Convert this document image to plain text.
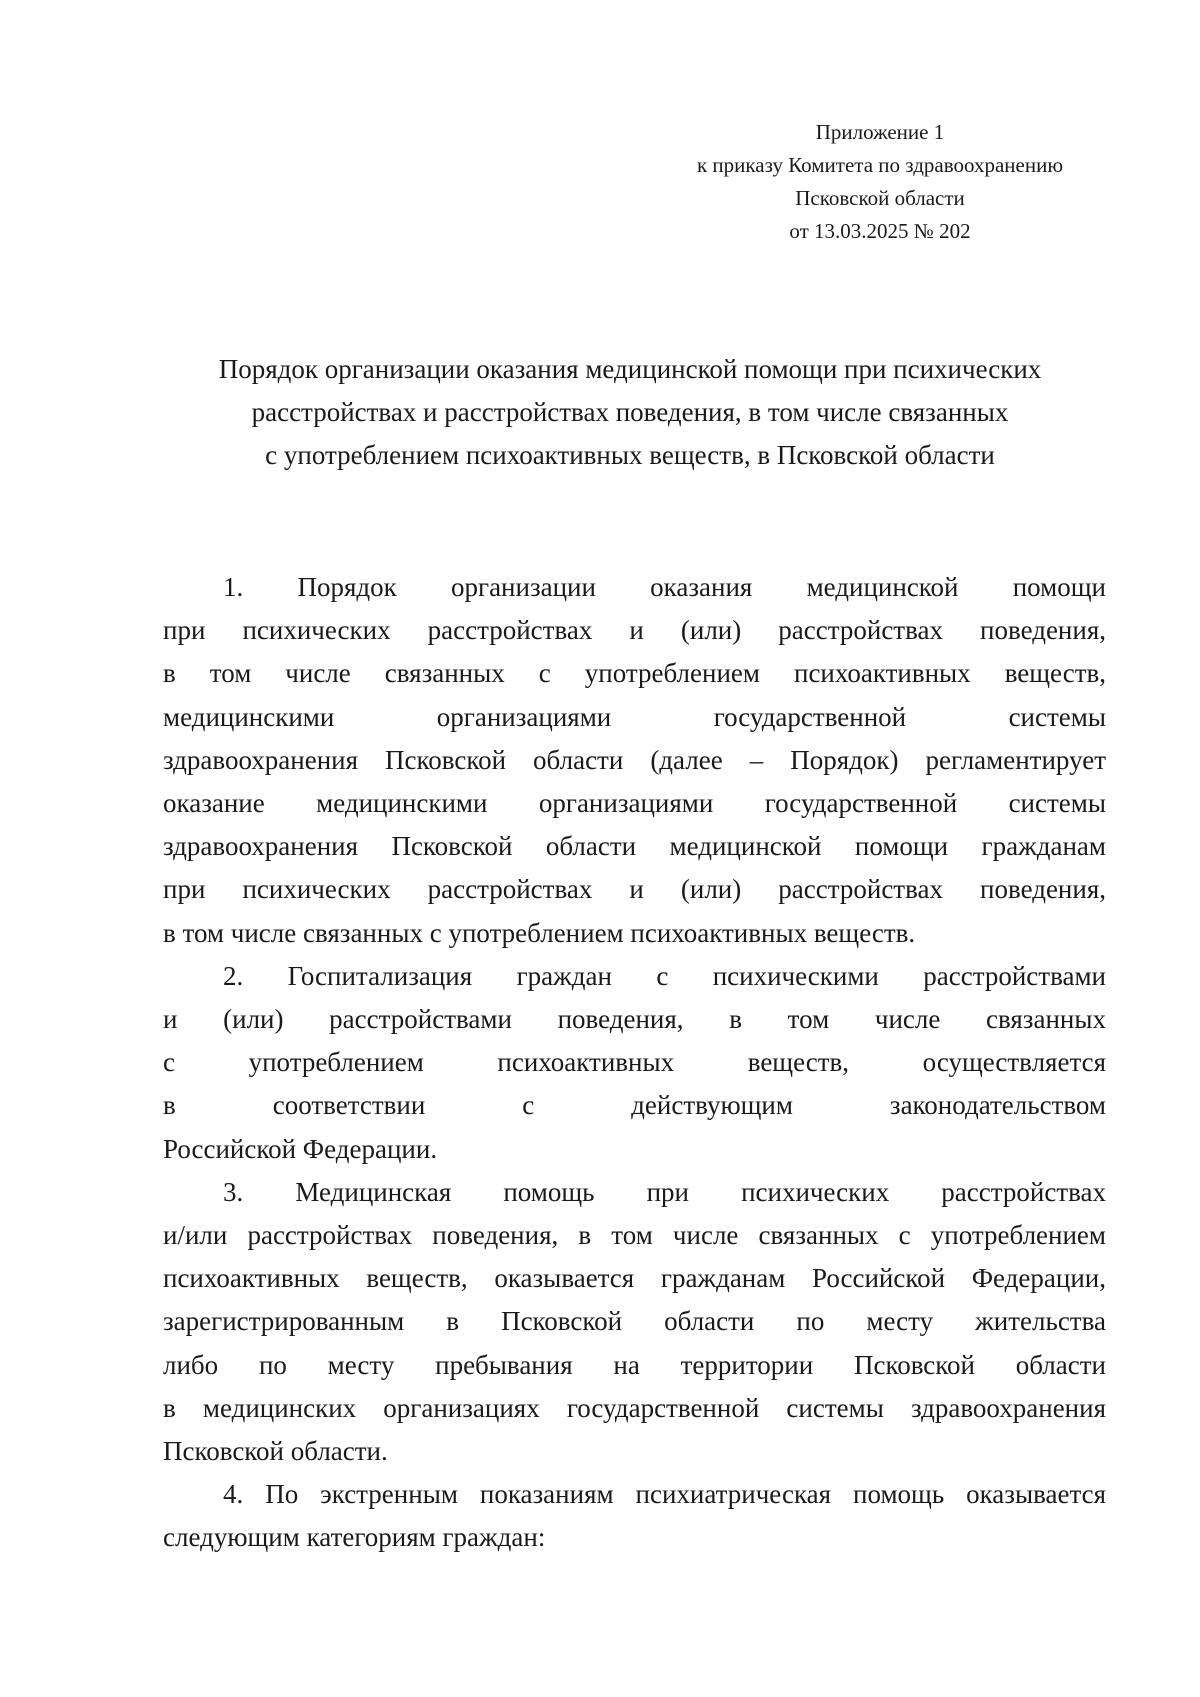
Приложение 1
к приказу Комитета по здравоохранению
Псковской области
от 13.03.2025 № 202
Порядок организации оказания медицинской помощи при психических
расстройствах и расстройствах поведения, в том числе связанных
с употреблением психоактивных веществ, в Псковской области
1. Порядок организации оказания медицинской помощи
при психических расстройствах и (или) расстройствах поведения,
в том числе связанных с употреблением психоактивных веществ,
медицинскими организациями государственной системы
здравоохранения Псковской области (далее – Порядок) регламентирует
оказание медицинскими организациями государственной системы
здравоохранения Псковской области медицинской помощи гражданам
при психических расстройствах и (или) расстройствах поведения,
в том числе связанных с употреблением психоактивных веществ.
2. Госпитализация граждан с психическими расстройствами
и (или) расстройствами поведения, в том числе связанных
с употреблением психоактивных веществ, осуществляется
в соответствии с действующим законодательством
Российской Федерации.
3. Медицинская помощь при психических расстройствах
и/или расстройствах поведения, в том числе связанных с употреблением
психоактивных веществ, оказывается гражданам Российской Федерации,
зарегистрированным в Псковской области по месту жительства
либо по месту пребывания на территории Псковской области
в медицинских организациях государственной системы здравоохранения
Псковской области.
4. По экстренным показаниям психиатрическая помощь оказывается
следующим категориям граждан:
